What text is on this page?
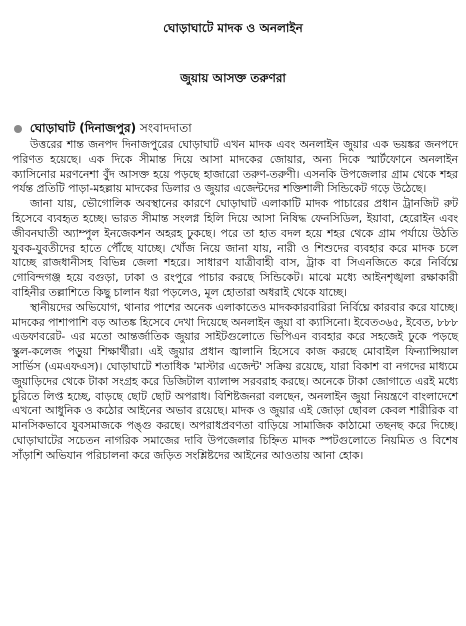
ঘোড়াঘাটে মাদক ও অনলাইন
জুয়ায় আসক্ত তরুণরা
ঘোড়াঘাট (দিনাজপুর) সংবাদদাতা

উত্তরের শান্ত জনপদ দিনাজপুরের ঘোড়াঘাট এখন মাদক এবং অনলাইন জুয়ার এক ভয়ঙ্কর জনপদে পরিণত হয়েছে। এক দিকে সীমান্ত দিয়ে আসা মাদকের জোয়ার, অন্য দিকে স্মার্টফোনে অনলাইন ক্যাসিনোর মরণনেশা বুঁদ আসক্ত হয়ে পড়ছে হাজারো তরুণ-তরুণী। এসনকি উপজেলার গ্রাম থেকে শহর পর্যন্ত প্রতিটি পাড়া-মহল্লায় মাদকের ডিলার ও জুয়ার এজেন্টদের শক্তিশালী সিন্ডিকেট গড়ে উঠেছে।

জানা যায়, ভৌগোলিক অবস্থানের কারণে ঘোড়াঘাট এলাকাটি মাদক পাচারের প্রধান ট্রানজিট রুট হিসেবে ব্যবহৃত হচ্ছে। ভারত সীমান্ত সংলগ্ন হিলি দিয়ে আসা নিষিদ্ধ ফেনসিডিল, ইয়াবা, হেরোইন এবং জীবনঘাতী অ্যাম্পুল ইনজেকশন অহরহ ঢুকছে। পরে তা হাত বদল হয়ে শহর থেকে গ্রাম পর্যায়ে উঠতি যুবক-যুবতীদের হাতে পৌঁছে যাচ্ছে। খোঁজ নিয়ে জানা যায়, নারী ও শিশুদের ব্যবহার করে মাদক চলে যাচ্ছে রাজধানীসহ বিভিন্ন জেলা শহরে। সাধারণ যাত্রীবাহী বাস, ট্রাক বা সিএনজিতে করে নির্বিঘ্নে গোবিন্দগঞ্জ হয়ে বগুড়া, ঢাকা ও রংপুরে পাচার করছে সিন্ডিকেট। মাঝে মধ্যে আইনশৃঙ্খলা রক্ষাকারী বাহিনীর তল্লাশিতে কিছু চালান ধরা পড়লেও, মূল হোতারা অধরাই থেকে যাচ্ছে।

স্থানীয়দের অভিযোগ, থানার পাশের অনেক এলাকাতেও মাদককারবারিরা নির্বিঘ্নে কারবার করে যাচ্ছে। মাদকের পাশাপাশি বড় আতঙ্ক হিসেবে দেখা দিয়েছে অনলাইন জুয়া বা ক্যাসিনো। ইবেত৩৬৫, ইবেত, ৮৮৮ এডফাবরেট- এর মতো আন্তর্জাতিক জুয়ার সাইটগুলোতে ভিপিএন ব্যবহার করে সহজেই ঢুকে পড়ছে স্কুল-কলেজ পড়ুয়া শিক্ষার্থীরা। এই জুয়ার প্রধান জ্বালানি হিসেবে কাজ করছে মোবাইল ফিন্যান্সিয়াল সার্ভিস (এমএফএস)। ঘোড়াঘাটে শতাধিক 'মাস্টার এজেন্ট' সক্রিয় রয়েছে, যারা বিকাশ বা নগদের মাধ্যমে জুয়াড়িদের থেকে টাকা সংগ্রহ করে ডিজিটাল ব্যালান্স সরবরাহ করছে। অনেকে টাকা জোগাতে এরই মধ্যে চুরিতে লিপ্ত হচ্ছে, বাড়ছে ছোট ছোট অপরাধ। বিশিষ্টজনরা বলছেন, অনলাইন জুয়া নিয়ন্ত্রণে বাংলাদেশে এখনো আধুনিক ও কঠোর আইনের অভাব রয়েছে। মাদক ও জুয়ার এই জোড়া ছোবল কেবল শারীরিক বা মানসিকভাবে যুবসমাজকে পঙ্গু করছে। অপরাধপ্রবণতা বাড়িয়ে সামাজিক কাঠামো তছনছ করে দিচ্ছে। ঘোড়াঘাটের সচেতন নাগরিক সমাজের দাবি উপজেলার চিহ্নিত মাদক স্পটগুলোতে নিয়মিত ও বিশেষ সাঁড়াশি অভিযান পরিচালনা করে জড়িত সংশ্লিষ্টদের আইনের আওতায় আনা হোক।
